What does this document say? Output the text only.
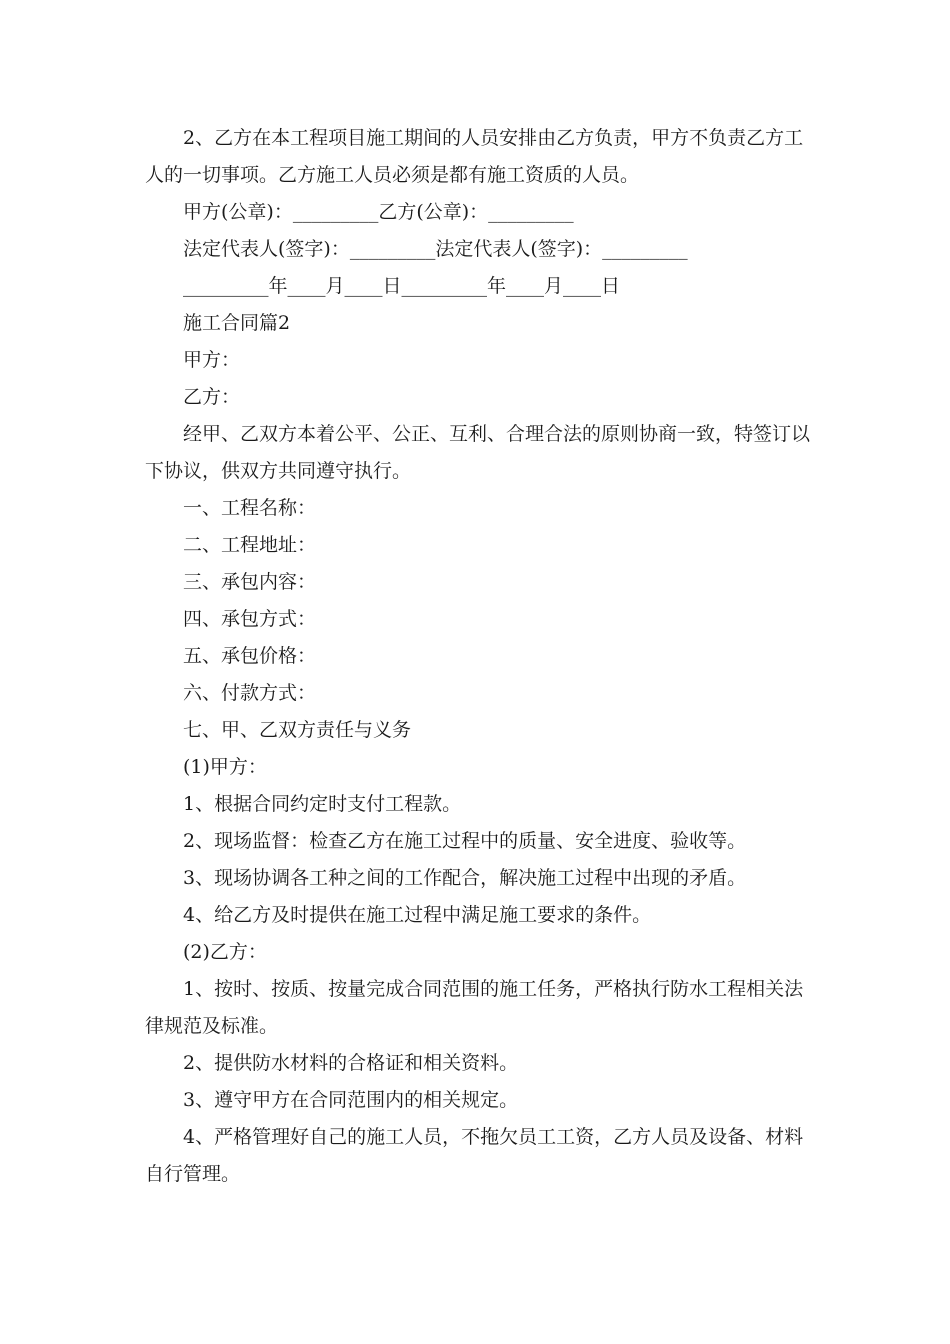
2、乙方在本工程项目施工期间的人员安排由乙方负责，甲方不负责乙方工人的一切事项。乙方施工人员必须是都有施工资质的人员。

甲方(公章)：_________乙方(公章)：_________

法定代表人(签字)：_________法定代表人(签字)：_________

_________年____月____日_________年____月____日

施工合同篇2

甲方：

乙方：

经甲、乙双方本着公平、公正、互利、合理合法的原则协商一致，特签订以下协议，供双方共同遵守执行。

一、工程名称：

二、工程地址：

三、承包内容：

四、承包方式：

五、承包价格：

六、付款方式：

七、甲、乙双方责任与义务

(1)甲方：

1、根据合同约定时支付工程款。

2、现场监督：检查乙方在施工过程中的质量、安全进度、验收等。

3、现场协调各工种之间的工作配合，解决施工过程中出现的矛盾。

4、给乙方及时提供在施工过程中满足施工要求的条件。

(2)乙方：

1、按时、按质、按量完成合同范围的施工任务，严格执行防水工程相关法律规范及标准。

2、提供防水材料的合格证和相关资料。

3、遵守甲方在合同范围内的相关规定。

4、严格管理好自己的施工人员，不拖欠员工工资，乙方人员及设备、材料自行管理。
